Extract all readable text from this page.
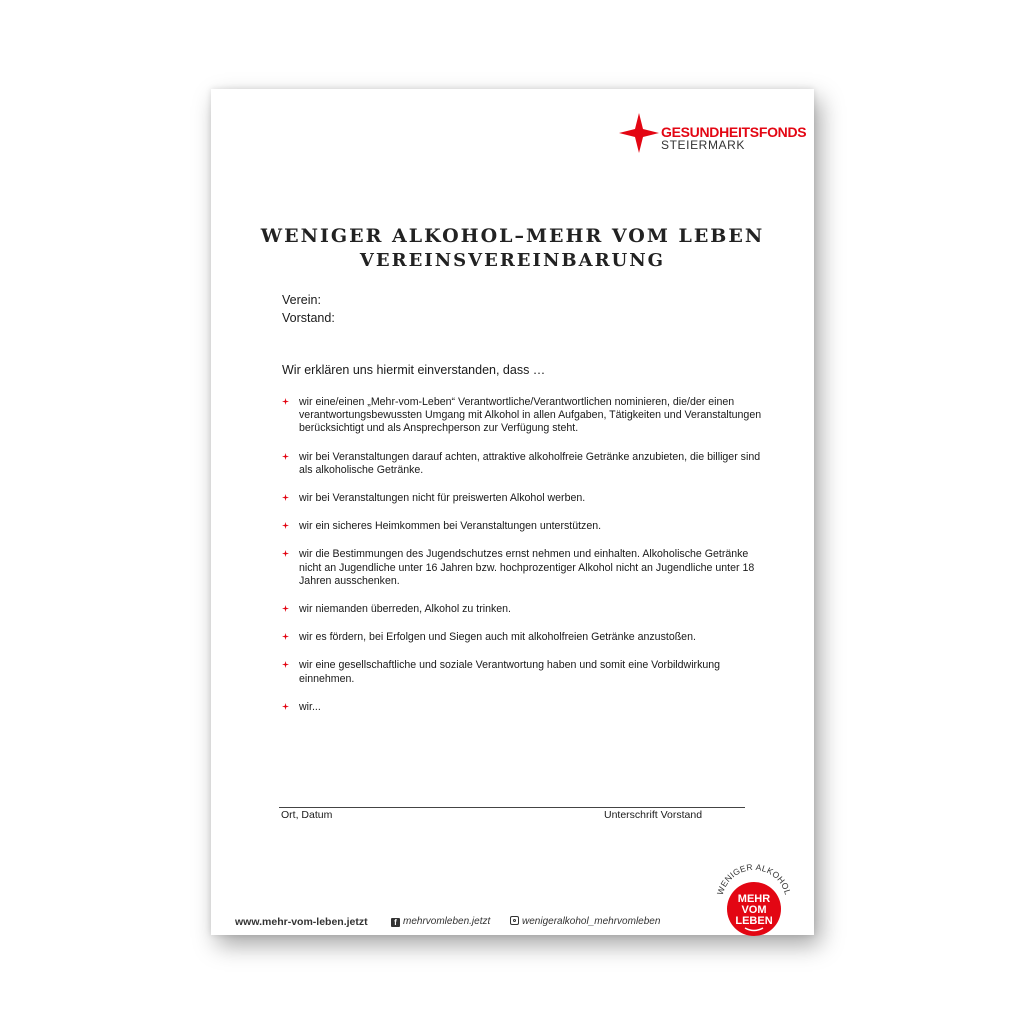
GESUNDHEITSFONDS
STEIERMARK
WENIGER ALKOHOL–MEHR VOM LEBEN
VEREINSVEREINBARUNG
Verein:
Vorstand:
Wir erklären uns hiermit einverstanden, dass …
wir eine/einen „Mehr-vom-Leben“ Verantwortliche/Verantwortlichen nominieren, die/der einen verantwortungsbewussten Umgang mit Alkohol in allen Aufgaben, Tätigkeiten und Veranstaltungen berücksichtigt und als Ansprechperson zur Verfügung steht.
wir bei Veranstaltungen darauf achten, attraktive alkoholfreie Getränke anzubieten, die billiger sind als alkoholische Getränke.
wir bei Veranstaltungen nicht für preiswerten Alkohol werben.
wir ein sicheres Heimkommen bei Veranstaltungen unterstützen.
wir die Bestimmungen des Jugendschutzes ernst nehmen und einhalten. Alkoholische Getränke nicht an Jugendliche unter 16 Jahren bzw. hochprozentiger Alkohol nicht an Jugendliche unter 18 Jahren ausschenken.
wir niemanden überreden, Alkohol zu trinken.
wir es fördern, bei Erfolgen und Siegen auch mit alkoholfreien Getränke anzustoßen.
wir eine gesellschaftliche und soziale Verantwortung haben und somit eine Vorbildwirkung einnehmen.
wir...
Ort, Datum	Unterschrift Vorstand
www.mehr-vom-leben.jetzt	f mehrvomleben.jetzt	wenigeralkohol_mehrvomleben
WENIGER ALKOHOL
MEHR
VOM
LEBEN
